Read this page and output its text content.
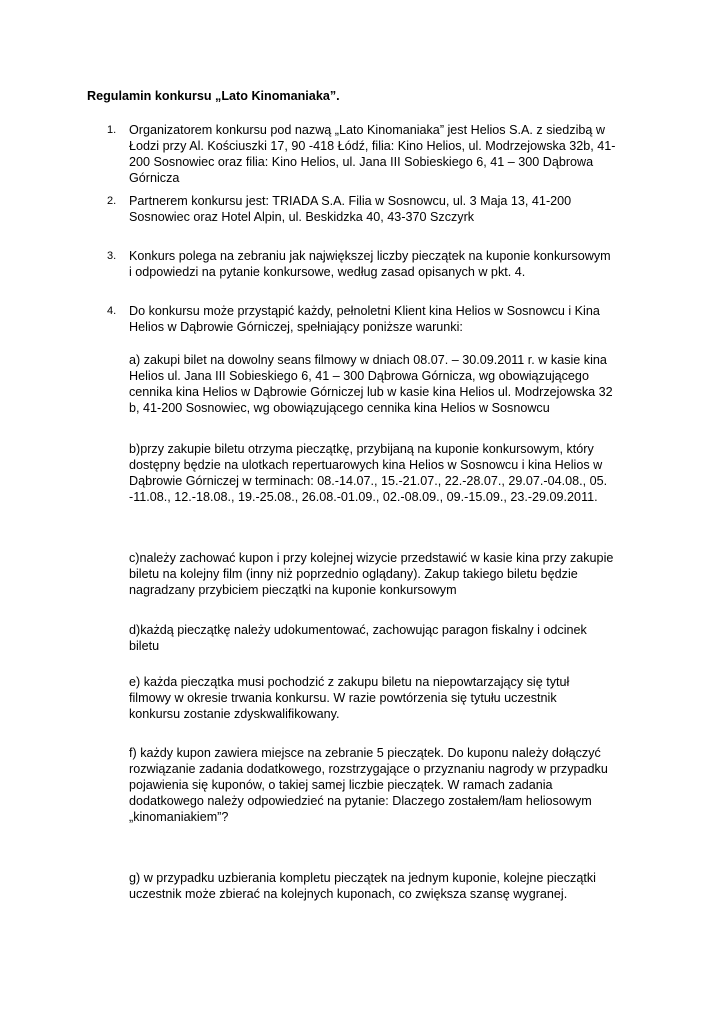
Regulamin konkursu „Lato Kinomaniaka”.
1. Organizatorem konkursu pod nazwą „Lato Kinomaniaka” jest Helios S.A. z siedzibą w
Łodzi przy Al. Kościuszki 17, 90 -418 Łódź, filia: Kino Helios, ul. Modrzejowska 32b, 41-
200 Sosnowiec oraz filia: Kino Helios, ul. Jana III Sobieskiego 6, 41 – 300 Dąbrowa
Górnicza
2. Partnerem konkursu jest: TRIADA S.A. Filia w Sosnowcu, ul. 3 Maja 13, 41-200
Sosnowiec oraz Hotel Alpin, ul. Beskidzka 40, 43-370 Szczyrk
3. Konkurs polega na zebraniu jak największej liczby pieczątek na kuponie konkursowym
i odpowiedzi na pytanie konkursowe, według zasad opisanych w pkt. 4.
4. Do konkursu może przystąpić każdy, pełnoletni Klient kina Helios w Sosnowcu i Kina
Helios w Dąbrowie Górniczej, spełniający poniższe warunki:
a) zakupi bilet na dowolny seans filmowy w dniach 08.07. – 30.09.2011 r. w kasie kina
Helios ul. Jana III Sobieskiego 6, 41 – 300 Dąbrowa Górnicza, wg obowiązującego
cennika kina Helios w Dąbrowie Górniczej lub w kasie kina Helios ul. Modrzejowska 32
b, 41-200 Sosnowiec, wg obowiązującego cennika kina Helios w Sosnowcu
b)przy zakupie biletu otrzyma pieczątkę, przybijaną na kuponie konkursowym, który
dostępny będzie na ulotkach repertuarowych kina Helios w Sosnowcu i kina Helios w
Dąbrowie Górniczej w terminach: 08.-14.07., 15.-21.07., 22.-28.07., 29.07.-04.08., 05.
-11.08., 12.-18.08., 19.-25.08., 26.08.-01.09., 02.-08.09., 09.-15.09., 23.-29.09.2011.
c)należy zachować kupon i przy kolejnej wizycie przedstawić w kasie kina przy zakupie
biletu na kolejny film (inny niż poprzednio oglądany). Zakup takiego biletu będzie
nagradzany przybiciem pieczątki na kuponie konkursowym
d)każdą pieczątkę należy udokumentować, zachowując paragon fiskalny i odcinek
biletu
e) każda pieczątka musi pochodzić z zakupu biletu na niepowtarzający się tytuł
filmowy w okresie trwania konkursu. W razie powtórzenia się tytułu uczestnik
konkursu zostanie zdyskwalifikowany.
f) każdy kupon zawiera miejsce na zebranie 5 pieczątek. Do kuponu należy dołączyć
rozwiązanie zadania dodatkowego, rozstrzygające o przyznaniu nagrody w przypadku
pojawienia się kuponów, o takiej samej liczbie pieczątek. W ramach zadania
dodatkowego należy odpowiedzieć na pytanie: Dlaczego zostałem/łam heliosowym
„kinomaniakiem”?
g) w przypadku uzbierania kompletu pieczątek na jednym kuponie, kolejne pieczątki
uczestnik może zbierać na kolejnych kuponach, co zwiększa szansę wygranej.
